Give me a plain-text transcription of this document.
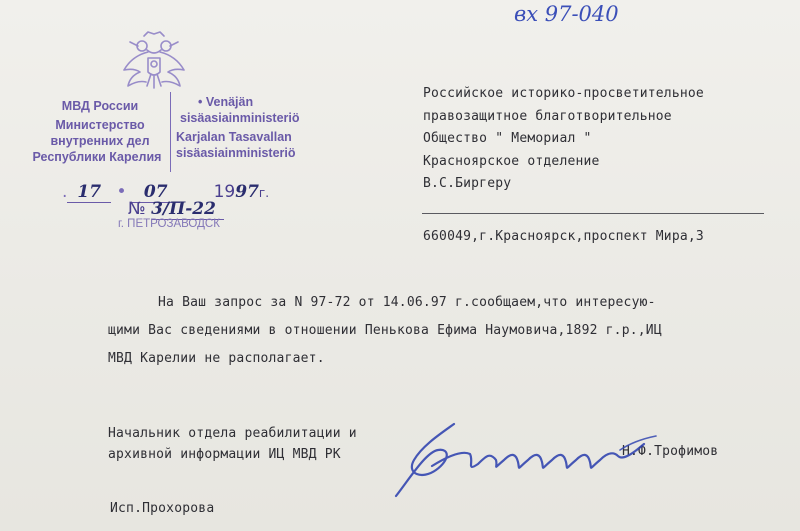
вх 97-040
МВД России
Министерство
внутренних дел
Республики Карелия
• Venäjän
sisäasiainministeriö
Karjalan Tasavallan
sisäasiainministeriö
. 17 • 07	1997г.
№ 3/П-22
г. ПЕТРОЗАВОДСК
Российское историко-просветительное
правозащитное благотворительное
Общество " Мемориал "
Красноярское отделение
В.С.Биргеру
660049,г.Красноярск,проспект Мира,3
На Ваш запрос за N 97-72 от 14.06.97 г.сообщаем,что интересую-
щими Вас сведениями в отношении Пенькова Ефима Наумовича,1892 г.р.,ИЦ
МВД Карелии не располагает.
Начальник отдела реабилитации и
архивной информации ИЦ МВД РК	Н.Ф.Трофимов
Исп.Прохорова
